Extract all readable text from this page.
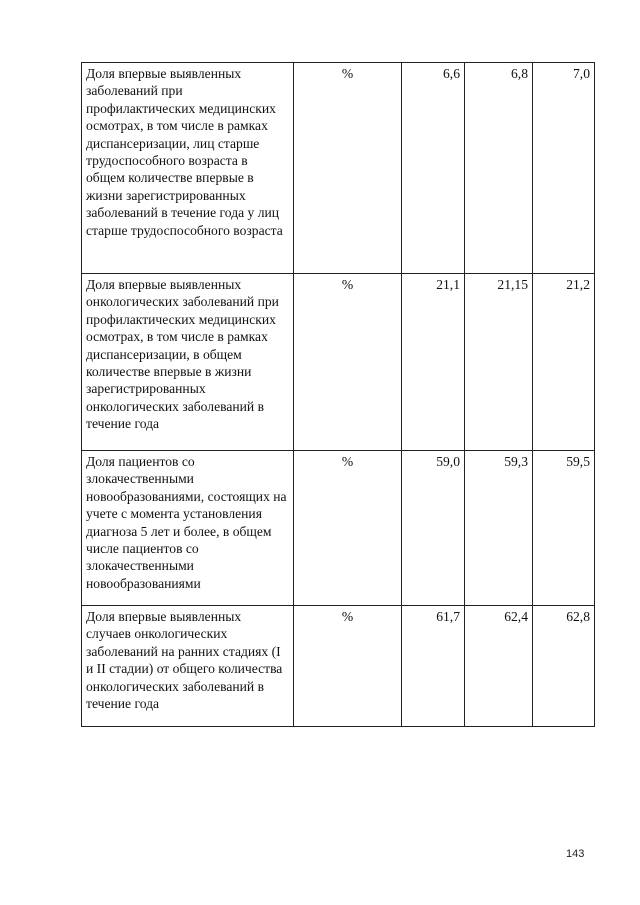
Доля впервые выявленных заболеваний при профилактических медицинских осмотрах, в том числе в рамках диспансеризации, лиц старше трудоспособного возраста в общем количестве впервые в жизни зарегистрированных заболеваний в течение года у лиц старше трудоспособного возраста	%	6,6	6,8	7,0
Доля впервые выявленных онкологических заболеваний при профилактических медицинских осмотрах, в том числе в рамках диспансеризации, в общем количестве впервые в жизни зарегистрированных онкологических заболеваний в течение года	%	21,1	21,15	21,2
Доля пациентов со злокачественными новообразованиями, состоящих на учете с момента установления диагноза 5 лет и более, в общем числе пациентов со злокачественными новообразованиями	%	59,0	59,3	59,5
Доля впервые выявленных случаев онкологических заболеваний на ранних стадиях (I и II стадии) от общего количества онкологических заболеваний в течение года	%	61,7	62,4	62,8
143
